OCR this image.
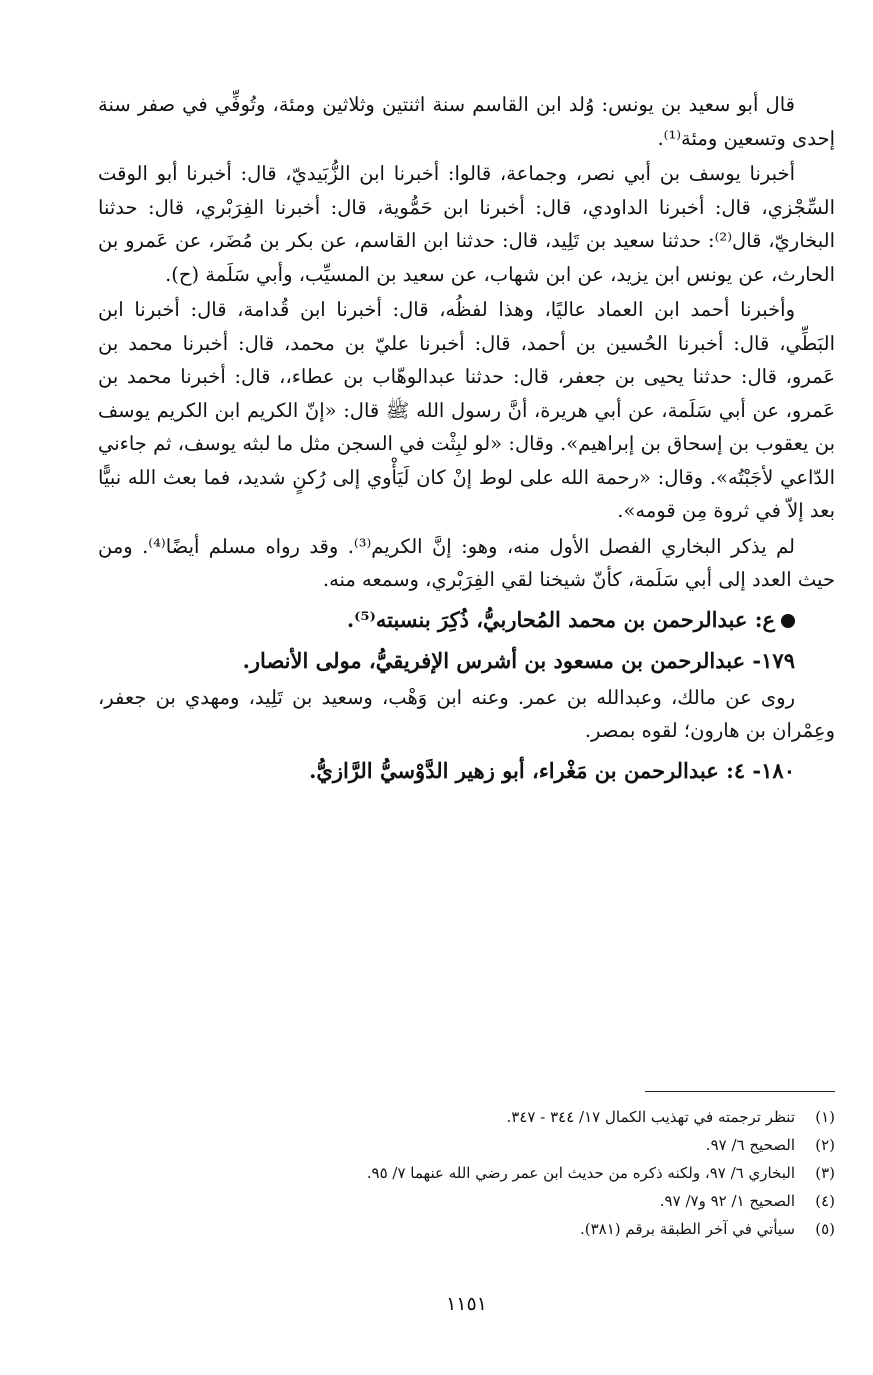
قال أبو سعيد بن يونس: وُلد ابن القاسم سنة اثنتين وثلاثين ومئة، وتُوفِّي في صفر سنة إحدى وتسعين ومئة⁽¹⁾.

أخبرنا يوسف بن أبي نصر، وجماعة، قالوا: أخبرنا ابن الزُّبَيديّ، قال: أخبرنا أبو الوقت السِّجْزي، قال: أخبرنا الداودي، قال: أخبرنا ابن حَمُّوية، قال: أخبرنا الفِرَبْري، قال: حدثنا البخاريّ، قال⁽²⁾: حدثنا سعيد بن تَلِيد، قال: حدثنا ابن القاسم، عن بكر بن مُضَر، عن عَمرو بن الحارث، عن يونس ابن يزيد، عن ابن شهاب، عن سعيد بن المسيِّب، وأبي سَلَمة (ح).

وأخبرنا أحمد ابن العماد عاليًا، وهذا لفظُه، قال: أخبرنا ابن قُدامة، قال: أخبرنا ابن البَطِّي، قال: أخبرنا الحُسين بن أحمد، قال: أخبرنا عليّ بن محمد، قال: أخبرنا محمد بن عَمرو، قال: حدثنا يحيى بن جعفر، قال: حدثنا عبدالوهّاب بن عطاء،، قال: أخبرنا محمد بن عَمرو، عن أبي سَلَمة، عن أبي هريرة، أنَّ رسول الله ﷺ قال: «إنّ الكريم ابن الكريم يوسف بن يعقوب بن إسحاق بن إبراهيم». وقال: «لو لبِثْت في السجن مثل ما لبثه يوسف، ثم جاءني الدّاعي لأجَبْتُه». وقال: «رحمة الله على لوط إنْ كان لَيَأْوي إلى رُكنٍ شديد، فما بعث الله نبيًّا بعد إلاّ في ثروة مِن قومه».

لم يذكر البخاري الفصل الأول منه، وهو: إنَّ الكريم⁽³⁾. وقد رواه مسلم أيضًا⁽⁴⁾. ومن حيث العدد إلى أبي سَلَمة، كأنّ شيخنا لقي الفِرَبْري، وسمعه منه.

ع: عبدالرحمن بن محمد المُحاربيُّ، ذُكِرَ بنسبته⁽⁵⁾.
١٧٩- عبدالرحمن بن مسعود بن أشرس الإفريقيُّ، مولى الأنصار.

روى عن مالك، وعبدالله بن عمر. وعنه ابن وَهْب، وسعيد بن تَلِيد، ومهدي بن جعفر، وعِمْران بن هارون؛ لقوه بمصر.

١٨٠- ٤: عبدالرحمن بن مَغْراء، أبو زهير الدَّوْسيُّ الرَّازيُّ.
(١)
تنظر ترجمته في تهذيب الكمال ١٧/ ٣٤٤ - ٣٤٧.
(٢)
الصحيح ٦/ ٩٧.
(٣)
البخاري ٦/ ٩٧، ولكنه ذكره من حديث ابن عمر رضي الله عنهما ٧/ ٩٥.
(٤)
الصحيح ١/ ٩٢ و٧/ ٩٧.
(٥)
سيأتي في آخر الطبقة برقم (٣٨١).
١١٥١
